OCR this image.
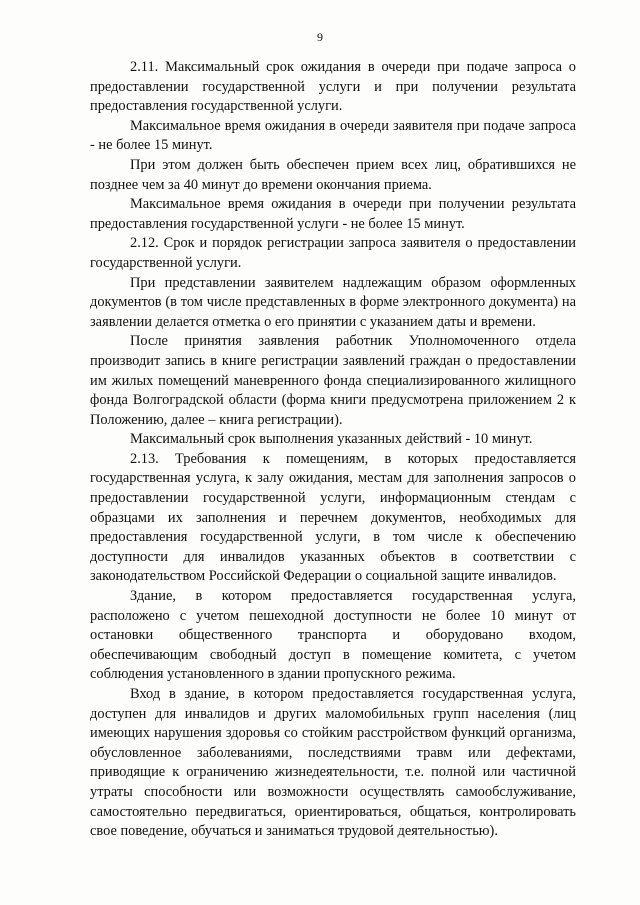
9

2.11. Максимальный срок ожидания в очереди при подаче запроса о предоставлении государственной услуги и при получении результата предоставления государственной услуги.

Максимальное время ожидания в очереди заявителя при подаче запроса - не более 15 минут.

При этом должен быть обеспечен прием всех лиц, обратившихся не позднее чем за 40 минут до времени окончания приема.

Максимальное время ожидания в очереди при получении результата предоставления государственной услуги - не более 15 минут.

2.12. Срок и порядок регистрации запроса заявителя о предоставлении государственной услуги.

При представлении заявителем надлежащим образом оформленных документов (в том числе представленных в форме электронного документа) на заявлении делается отметка о его принятии с указанием даты и времени.

После принятия заявления работник Уполномоченного отдела производит запись в книге регистрации заявлений граждан о предоставлении им жилых помещений маневренного фонда специализированного жилищного фонда Волгоградской области (форма книги предусмотрена приложением 2 к Положению, далее – книга регистрации).

Максимальный срок выполнения указанных действий - 10 минут.

2.13. Требования к помещениям, в которых предоставляется государственная услуга, к залу ожидания, местам для заполнения запросов о предоставлении государственной услуги, информационным стендам с образцами их заполнения и перечнем документов, необходимых для предоставления государственной услуги, в том числе к обеспечению доступности для инвалидов указанных объектов в соответствии с законодательством Российской Федерации о социальной защите инвалидов.

Здание, в котором предоставляется государственная услуга, расположено с учетом пешеходной доступности не более 10 минут от остановки общественного транспорта и оборудовано входом, обеспечивающим свободный доступ в помещение комитета, с учетом соблюдения установленного в здании пропускного режима.

Вход в здание, в котором предоставляется государственная услуга, доступен для инвалидов и других маломобильных групп населения (лиц имеющих нарушения здоровья со стойким расстройством функций организма, обусловленное заболеваниями, последствиями травм или дефектами, приводящие к ограничению жизнедеятельности, т.е. полной или частичной утраты способности или возможности осуществлять самообслуживание, самостоятельно передвигаться, ориентироваться, общаться, контролировать свое поведение, обучаться и заниматься трудовой деятельностью).
